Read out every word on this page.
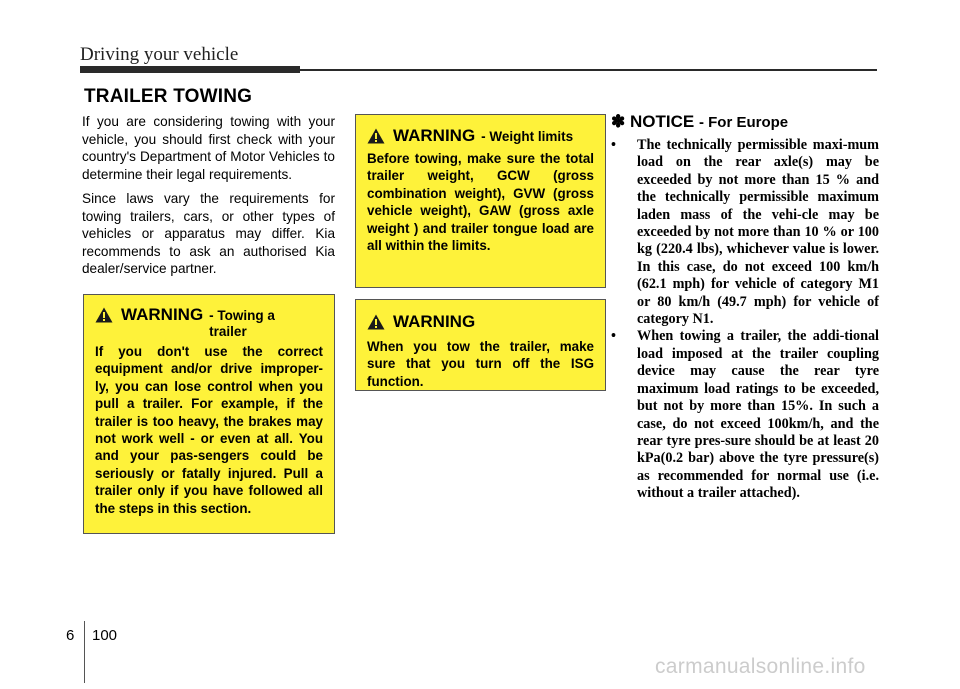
Driving your vehicle
TRAILER TOWING

If you are considering towing with your vehicle, you should first check with your country's Department of Motor Vehicles to determine their legal requirements.

Since laws vary the requirements for towing trailers, cars, or other types of vehicles or apparatus may differ. Kia recommends to ask an authorised Kia dealer/service partner.

WARNING - Towing a trailer
If you don't use the correct equipment and/or drive improper-ly, you can lose control when you pull a trailer. For example, if the trailer is too heavy, the brakes may not work well - or even at all. You and your pas-sengers could be seriously or fatally injured. Pull a trailer only if you have followed all the steps in this section.
WARNING - Weight limits
Before towing, make sure the total trailer weight, GCW (gross combination weight), GVW (gross vehicle weight), GAW (gross axle weight ) and trailer tongue load are all within the limits.
WARNING
When you tow the trailer, make sure that you turn off the ISG function.
✽ NOTICE - For Europe
• The technically permissible maxi-mum load on the rear axle(s) may be exceeded by not more than 15 % and the technically permissible maximum laden mass of the vehi-cle may be exceeded by not more than 10 % or 100 kg (220.4 lbs), whichever value is lower. In this case, do not exceed 100 km/h (62.1 mph) for vehicle of category M1 or 80 km/h (49.7 mph) for vehicle of category N1.
• When towing a trailer, the addi-tional load imposed at the trailer coupling device may cause the rear tyre maximum load ratings to be exceeded, but not by more than 15%. In such a case, do not exceed 100km/h, and the rear tyre pres-sure should be at least 20 kPa(0.2 bar) above the tyre pressure(s) as recommended for normal use (i.e. without a trailer attached).
6 100
carmanualsonline.info
